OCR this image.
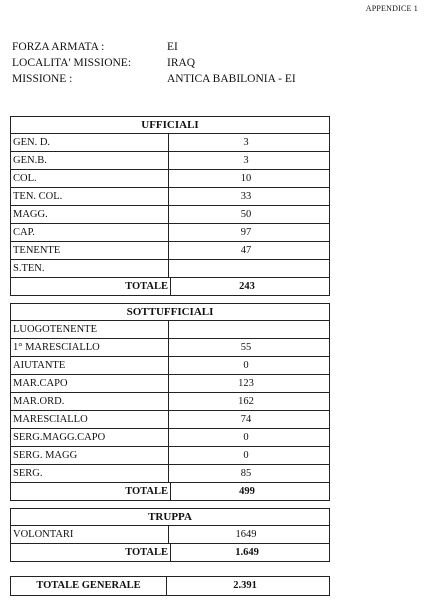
APPENDICE 1
FORZA ARMATA :	EI
LOCALITA' MISSIONE:	IRAQ
MISSIONE :	ANTICA BABILONIA - EI
UFFICIALI
GEN. D.	3
GEN.B.	3
COL.	10
TEN. COL.	33
MAGG.	50
CAP.	97
TENENTE	47
S.TEN.
TOTALE	243
SOTTUFFICIALI
LUOGOTENENTE
1° MARESCIALLO	55
AIUTANTE	0
MAR.CAPO	123
MAR.ORD.	162
MARESCIALLO	74
SERG.MAGG.CAPO	0
SERG. MAGG	0
SERG.	85
TOTALE	499
TRUPPA
VOLONTARI	1649
TOTALE	1.649
TOTALE GENERALE	2.391
